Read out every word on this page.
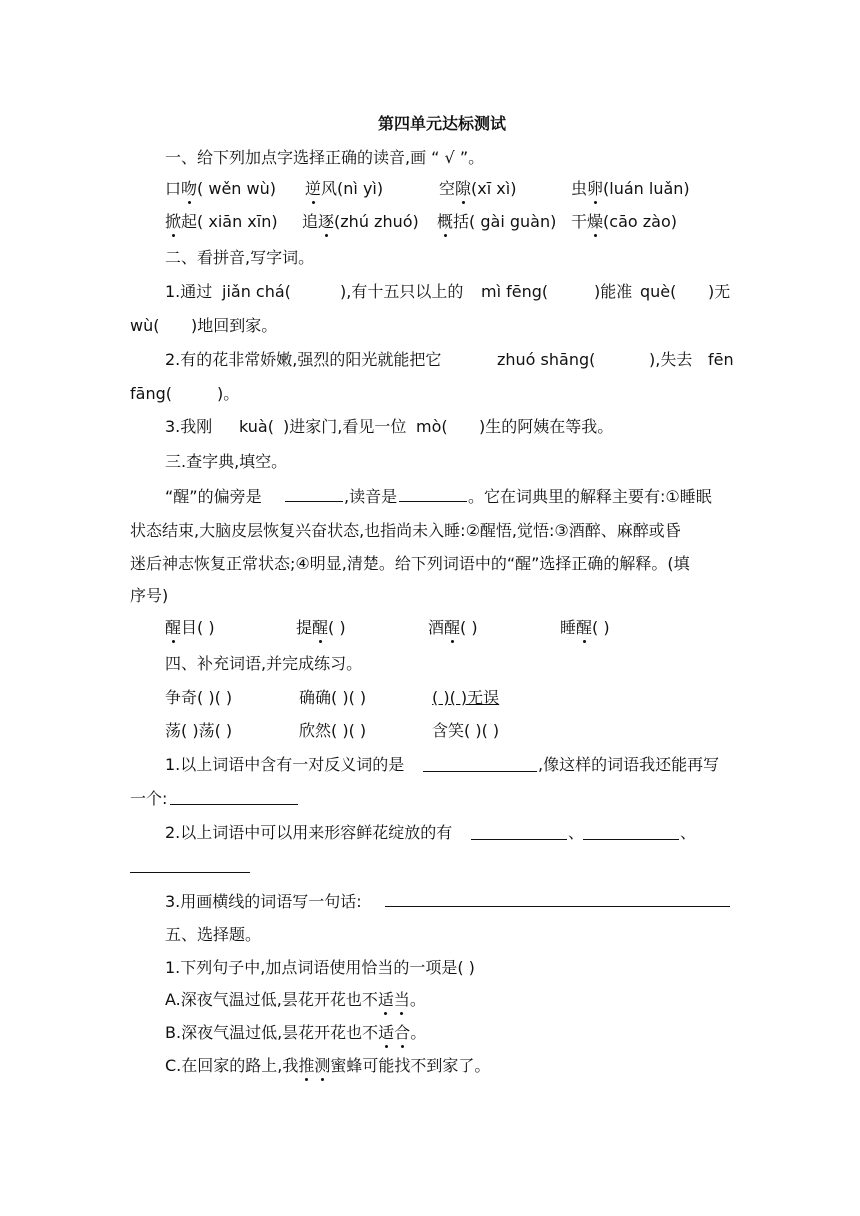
第四单元达标测试
一、给下列加点字选择正确的读音,画 “ √ ”。
口吻( wěn wù) 逆风(nì yì)	空隙(xī xì)	虫卵(luán luǎn)
掀起( xiān xīn) 追逐(zhú zhuó) 概括( gài guàn) 干燥(cāo zào)
二、看拼音,写字词。
1.通过 jiǎn chá(	),有十五只以上的 mì fēng(	)能准 què( )无
wù( )地回到家。
2.有的花非常娇嫩,强烈的阳光就能把它	zhuó shāng(	),失去 fēn
fāng(	)。
3.我刚 kuà( )进家门,看见一位 mò( )生的阿姨在等我。
三.查字典,填空。
“醒”的偏旁是	,读音是	。它在词典里的解释主要有:①睡眠
状态结束,大脑皮层恢复兴奋状态,也指尚未入睡:②醒悟,觉悟:③酒醉、麻醉或昏
迷后神志恢复正常状态;④明显,清楚。给下列词语中的“醒”选择正确的解释。(填
序号)
醒目( )	提醒( )	酒醒( )	睡醒( )
四、补充词语,并完成练习。
争奇( )( )	确确( )( )	( )( )无误
荡( )荡( )	欣然( )( )	含笑( )( )
1.以上词语中含有一对反义词的是	,像这样的词语我还能再写
一个:
2.以上词语中可以用来形容鲜花绽放的有	、	、
3.用画横线的词语写一句话:
五、选择题。
1.下列句子中,加点词语使用恰当的一项是( )
A.深夜气温过低,昙花开花也不适当。
B.深夜气温过低,昙花开花也不适合。
C.在回家的路上,我推测蜜蜂可能找不到家了。
